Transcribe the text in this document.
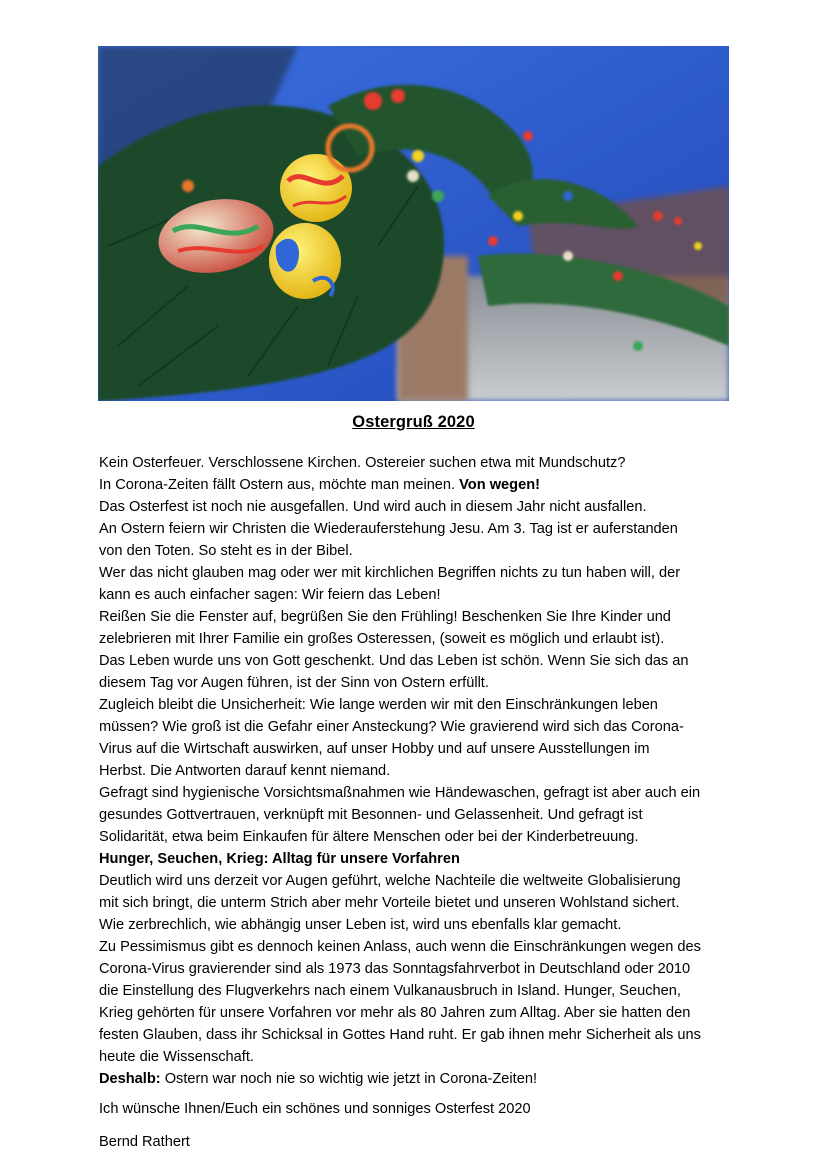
Ostergruß 2020

Kein Osterfeuer. Verschlossene Kirchen. Ostereier suchen etwa mit Mundschutz?

In Corona-Zeiten fällt Ostern aus, möchte man meinen. Von wegen!

Das Osterfest ist noch nie ausgefallen. Und wird auch in diesem Jahr nicht ausfallen.

An Ostern feiern wir Christen die Wiederauferstehung Jesu. Am 3. Tag ist er auferstanden

von den Toten. So steht es in der Bibel.

Wer das nicht glauben mag oder wer mit kirchlichen Begriffen nichts zu tun haben will, der

kann es auch einfacher sagen: Wir feiern das Leben!

Reißen Sie die Fenster auf, begrüßen Sie den Frühling! Beschenken Sie Ihre Kinder und

zelebrieren mit Ihrer Familie ein großes Osteressen, (soweit es möglich und erlaubt ist).

Das Leben wurde uns von Gott geschenkt. Und das Leben ist schön. Wenn Sie sich das an

diesem Tag vor Augen führen, ist der Sinn von Ostern erfüllt.

Zugleich bleibt die Unsicherheit: Wie lange werden wir mit den Einschränkungen leben

müssen? Wie groß ist die Gefahr einer Ansteckung? Wie gravierend wird sich das Corona-

Virus auf die Wirtschaft auswirken, auf unser Hobby und auf unsere Ausstellungen im

Herbst. Die Antworten darauf kennt niemand.

Gefragt sind hygienische Vorsichtsmaßnahmen wie Händewaschen, gefragt ist aber auch ein

gesundes Gottvertrauen, verknüpft mit Besonnen- und Gelassenheit. Und gefragt ist

Solidarität, etwa beim Einkaufen für ältere Menschen oder bei der Kinderbetreuung.

Hunger, Seuchen, Krieg: Alltag für unsere Vorfahren

Deutlich wird uns derzeit vor Augen geführt, welche Nachteile die weltweite Globalisierung

mit sich bringt, die unterm Strich aber mehr Vorteile bietet und unseren Wohlstand sichert.

Wie zerbrechlich, wie abhängig unser Leben ist, wird uns ebenfalls klar gemacht.

Zu Pessimismus gibt es dennoch keinen Anlass, auch wenn die Einschränkungen wegen des

Corona-Virus gravierender sind als 1973 das Sonntagsfahrverbot in Deutschland oder 2010

die Einstellung des Flugverkehrs nach einem Vulkanausbruch in Island. Hunger, Seuchen,

Krieg gehörten für unsere Vorfahren vor mehr als 80 Jahren zum Alltag. Aber sie hatten den

festen Glauben, dass ihr Schicksal in Gottes Hand ruht. Er gab ihnen mehr Sicherheit als uns

heute die Wissenschaft.

Deshalb: Ostern war noch nie so wichtig wie jetzt in Corona-Zeiten!

Ich wünsche Ihnen/Euch ein schönes und sonniges Osterfest 2020
Bernd Rathert
